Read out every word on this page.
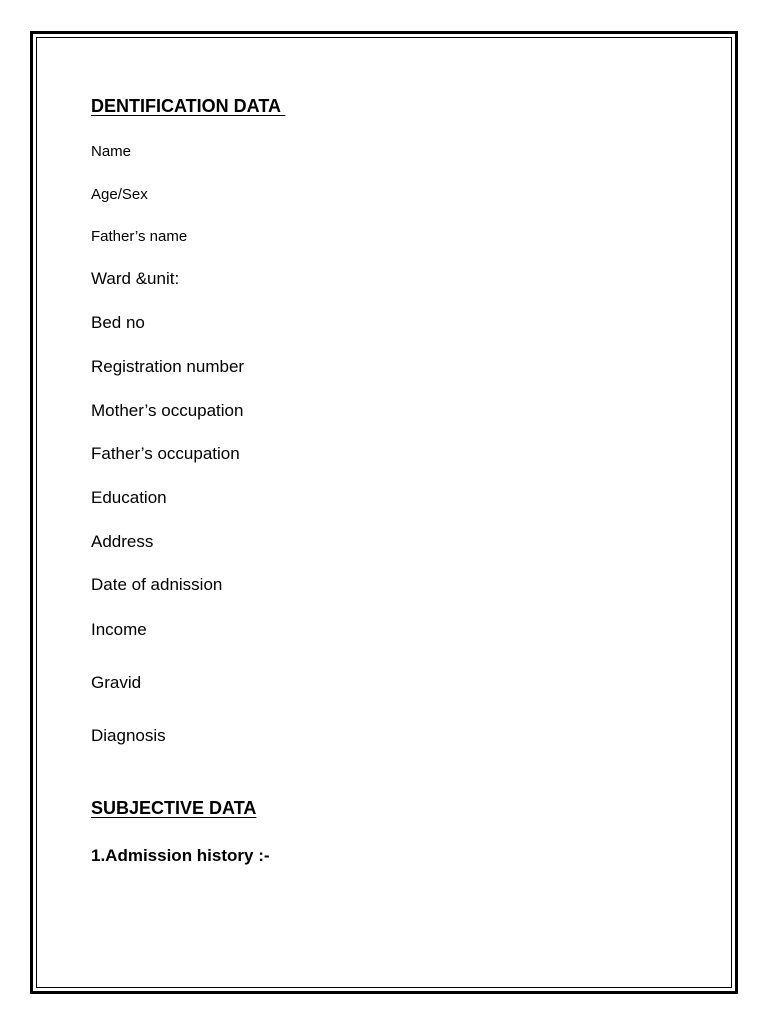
DENTIFICATION DATA

Name

Age/Sex

Father’s name

Ward &unit:

Bed no

Registration number

Mother’s occupation

Father’s occupation

Education

Address

Date of adnission

Income

Gravid

Diagnosis

SUBJECTIVE DATA

1.Admission history :-
